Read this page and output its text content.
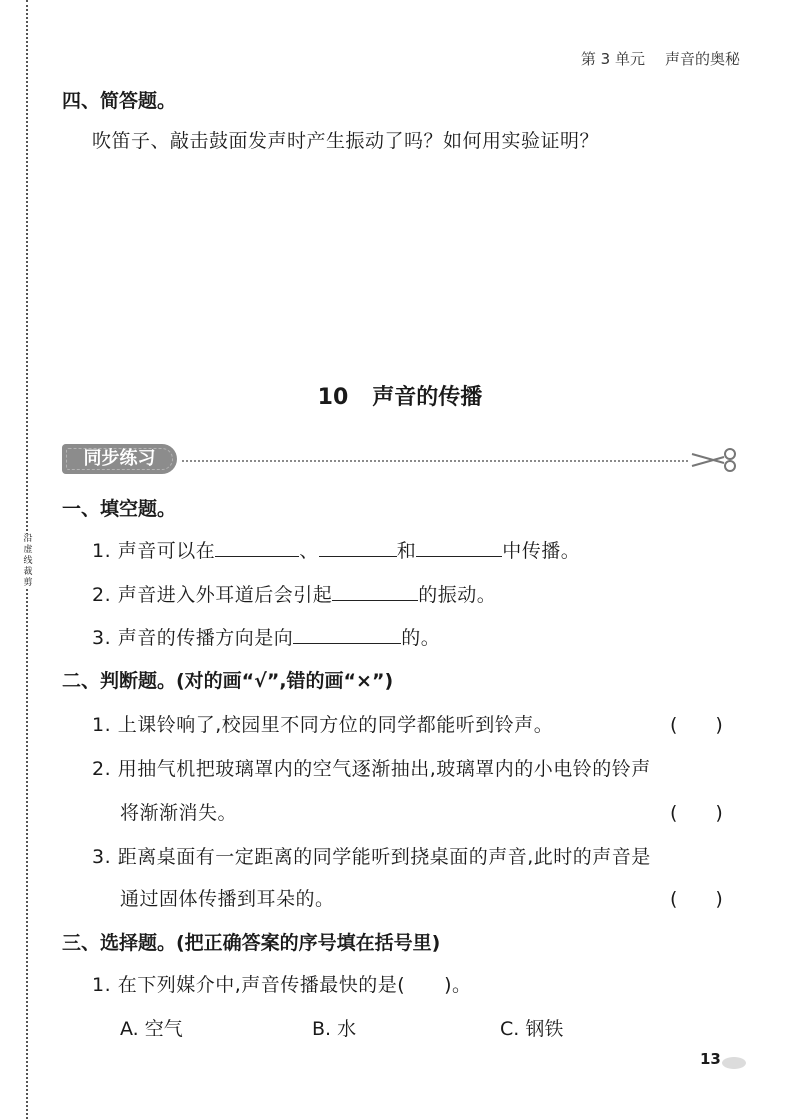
沿虚线裁剪
第 3 单元 声音的奥秘
四、简答题。
吹笛子、敲击鼓面发声时产生振动了吗？如何用实验证明？
10 声音的传播
同步练习
一、填空题。
1. 声音可以在	、	和	中传播。
2. 声音进入外耳道后会引起	的振动。
3. 声音的传播方向是向	的。
二、判断题。(对的画“√”,错的画“×”)
1. 上课铃响了,校园里不同方位的同学都能听到铃声。	(　　)
2. 用抽气机把玻璃罩内的空气逐渐抽出,玻璃罩内的小电铃的铃声
将渐渐消失。	(　　)
3. 距离桌面有一定距离的同学能听到挠桌面的声音,此时的声音是
通过固体传播到耳朵的。	(　　)
三、选择题。(把正确答案的序号填在括号里)
1. 在下列媒介中,声音传播最快的是(　　)。
A. 空气	B. 水	C. 钢铁
13
